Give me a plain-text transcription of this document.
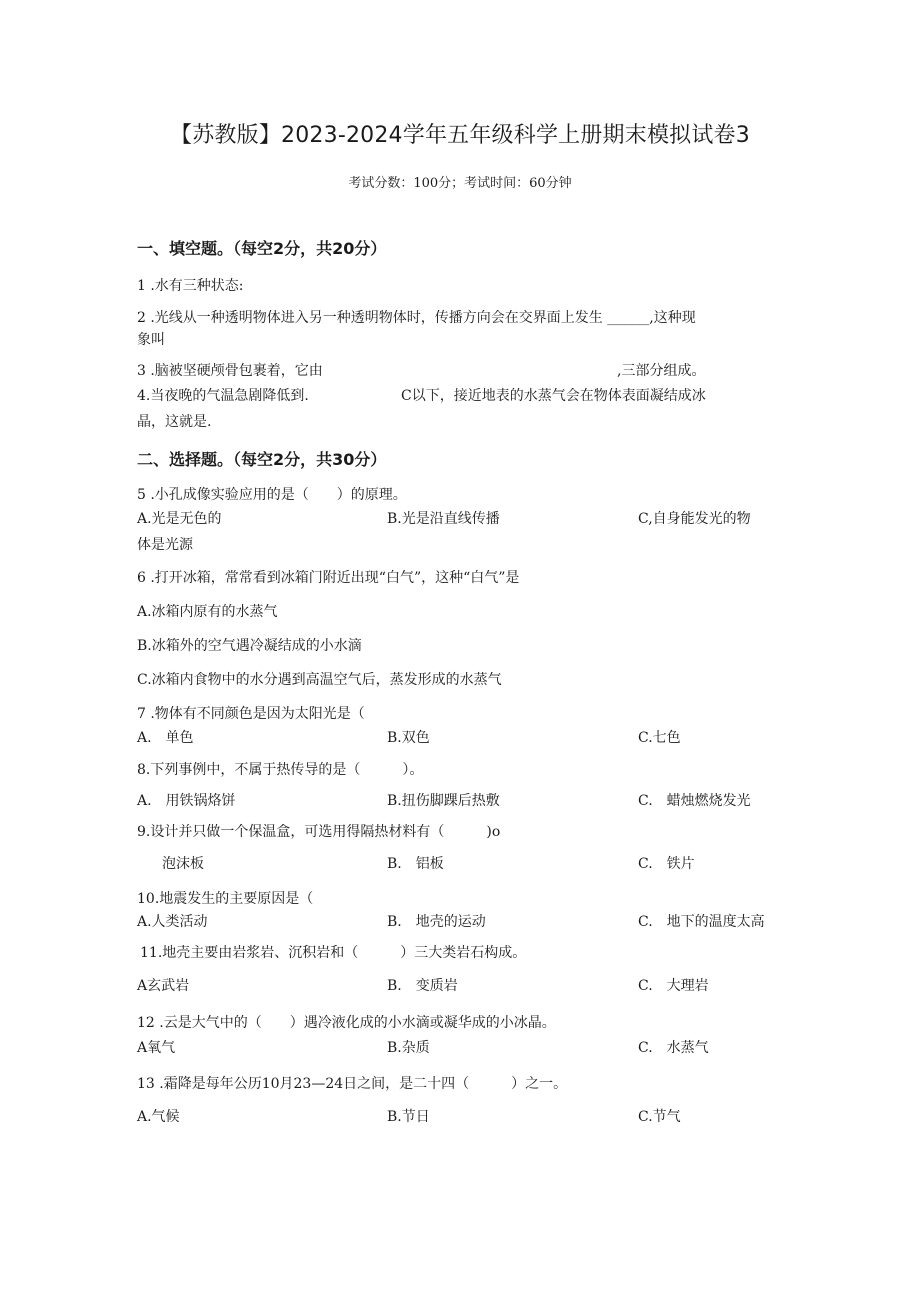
【苏教版】2023-2024学年五年级科学上册期末模拟试卷3
考试分数：100分；考试时间：60分钟
一、填空题。（每空2分，共20分）
1 .水有三种状态:
2 .光线从一种透明物体进入另一种透明物体时，传播方向会在交界面上发生 ______,这种现
象叫
3 .脑被坚硬颅骨包裹着，它由	,三部分组成。
4.当夜晚的气温急剧降低到.	C以下，接近地表的水蒸气会在物体表面凝结成冰
晶，这就是.
二、选择题。（每空2分，共30分）
5 .小孔成像实验应用的是（　　）的原理。
A.光是无色的	B.光是沿直线传播	C,自身能发光的物
体是光源
6 .打开冰箱，常常看到冰箱门附近出现“白气”，这种“白气”是
A.冰箱内原有的水蒸气
B.冰箱外的空气遇冷凝结成的小水滴
C.冰箱内食物中的水分遇到高温空气后，蒸发形成的水蒸气
7 .物体有不同颜色是因为太阳光是（
A.　单色	B.双色	C.七色
8.下列事例中，不属于热传导的是（　　　）。
A.　用铁锅烙饼	B.扭伤脚踝后热敷	C.　蜡烛燃烧发光
9.设计并只做一个保温盒，可选用得隔热材料有（　　　)o
泡沫板	B.　铝板	C.　铁片
10.地震发生的主要原因是（
A.人类活动	B.　地壳的运动	C.　地下的温度太高
11.地壳主要由岩浆岩、沉积岩和（　　　）三大类岩石构成。
A玄武岩	B.　变质岩	C.　大理岩
12 .云是大气中的（　　）遇冷液化成的小水滴或凝华成的小冰晶。
A氧气	B.杂质	C.　水蒸气
13 .霜降是每年公历10月23—24日之间，是二十四（　　　）之一。
A.气候	B.节日	C.节气
